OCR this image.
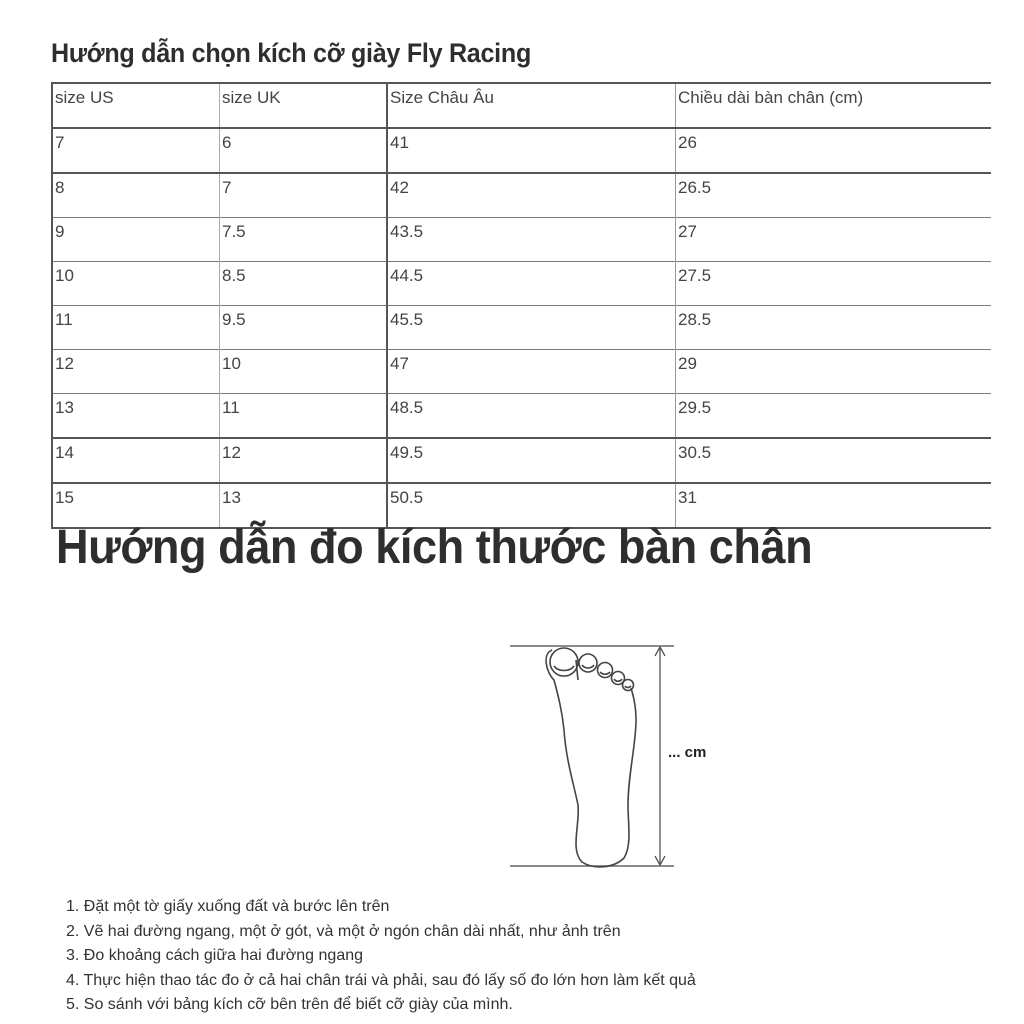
Hướng dẫn chọn kích cỡ giày Fly Racing
size US	size UK	Size Châu Âu	Chiều dài bàn chân (cm)
7	6	41	26
8	7	42	26.5
9	7.5	43.5	27
10	8.5	44.5	27.5
11	9.5	45.5	28.5
12	10	47	29
13	11	48.5	29.5
14	12	49.5	30.5
15	13	50.5	31
Hướng dẫn đo kích thước bàn chân
... cm
1. Đặt một tờ giấy xuống đất và bước lên trên
2. Vẽ hai đường ngang, một ở gót, và một ở ngón chân dài nhất, như ảnh trên
3. Đo khoảng cách giữa hai đường ngang
4. Thực hiện thao tác đo ở cả hai chân trái và phải, sau đó lấy số đo lớn hơn làm kết quả
5. So sánh với bảng kích cỡ bên trên để biết cỡ giày của mình.
